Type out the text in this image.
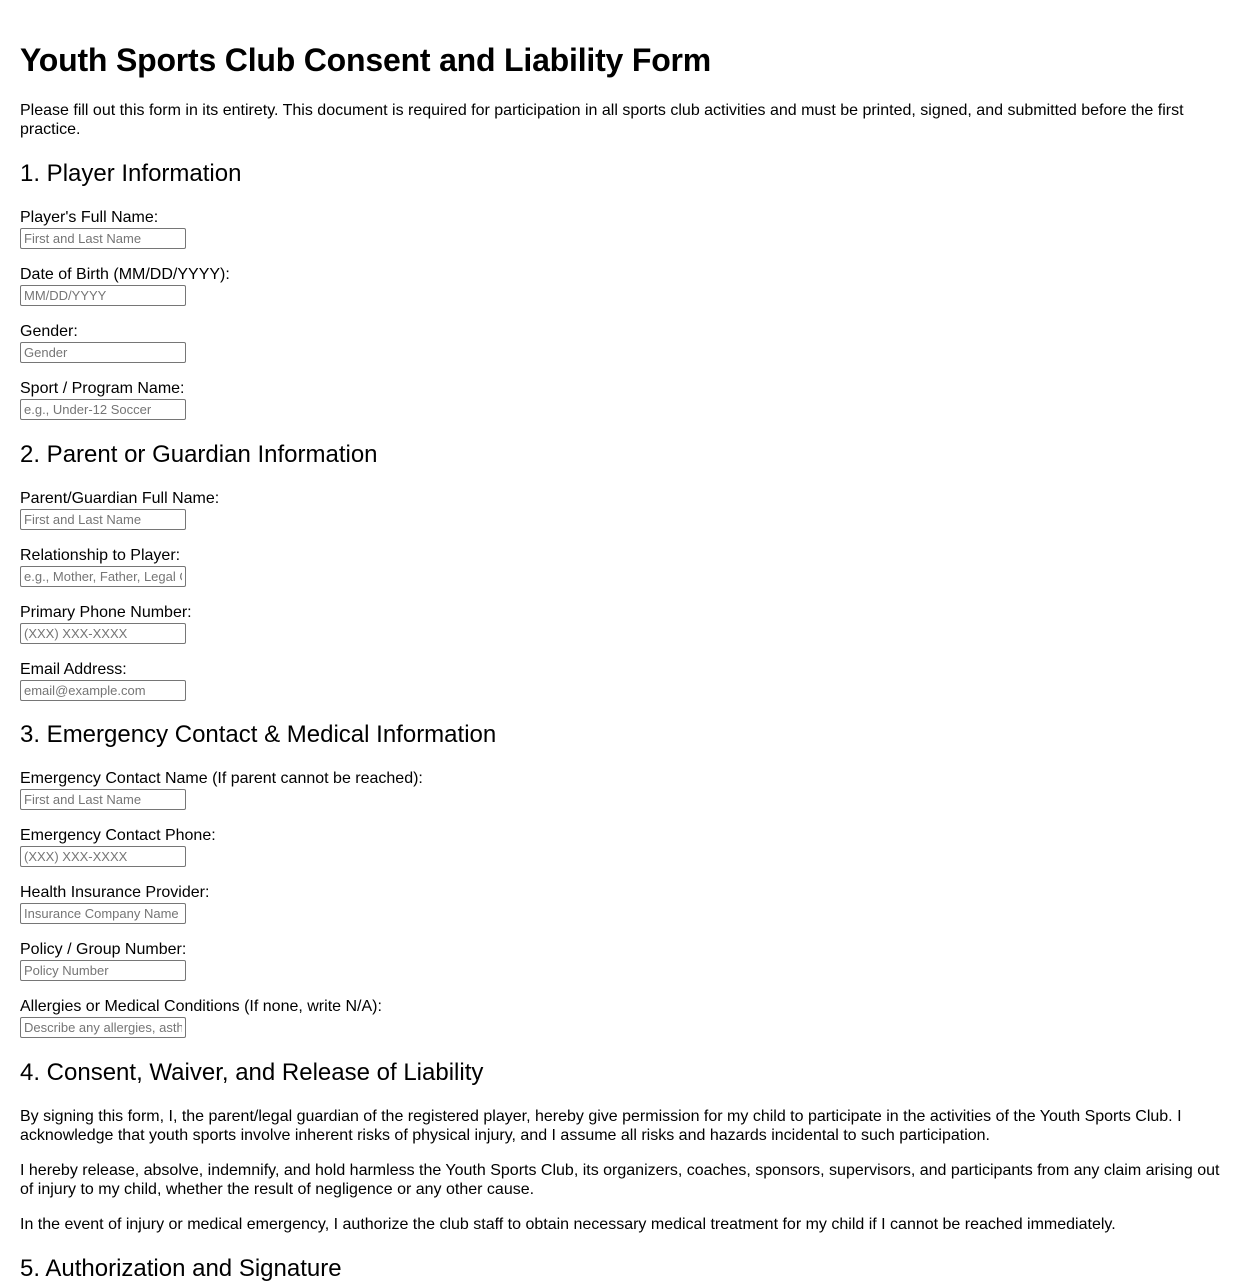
Youth Sports Club Consent and Liability Form

Please fill out this form in its entirety. This document is required for participation in all sports club activities and must be printed, signed, and submitted before the first practice.

1. Player Information
Player's Full Name:
First and Last Name
Date of Birth (MM/DD/YYYY):
MM/DD/YYYY
Gender:
Gender
Sport / Program Name:
e.g., Under-12 Soccer
2. Parent or Guardian Information
Parent/Guardian Full Name:
First and Last Name
Relationship to Player:
e.g., Mother, Father, Legal Guardian
Primary Phone Number:
(XXX) XXX-XXXX
Email Address:
email@example.com
3. Emergency Contact & Medical Information
Emergency Contact Name (If parent cannot be reached):
First and Last Name
Emergency Contact Phone:
(XXX) XXX-XXXX
Health Insurance Provider:
Insurance Company Name
Policy / Group Number:
Policy Number
Allergies or Medical Conditions (If none, write N/A):
Describe any allergies, asthma
4. Consent, Waiver, and Release of Liability

By signing this form, I, the parent/legal guardian of the registered player, hereby give permission for my child to participate in the activities of the Youth Sports Club. I acknowledge that youth sports involve inherent risks of physical injury, and I assume all risks and hazards incidental to such participation.

I hereby release, absolve, indemnify, and hold harmless the Youth Sports Club, its organizers, coaches, sponsors, supervisors, and participants from any claim arising out of injury to my child, whether the result of negligence or any other cause.

In the event of injury or medical emergency, I authorize the club staff to obtain necessary medical treatment for my child if I cannot be reached immediately.

5. Authorization and Signature
